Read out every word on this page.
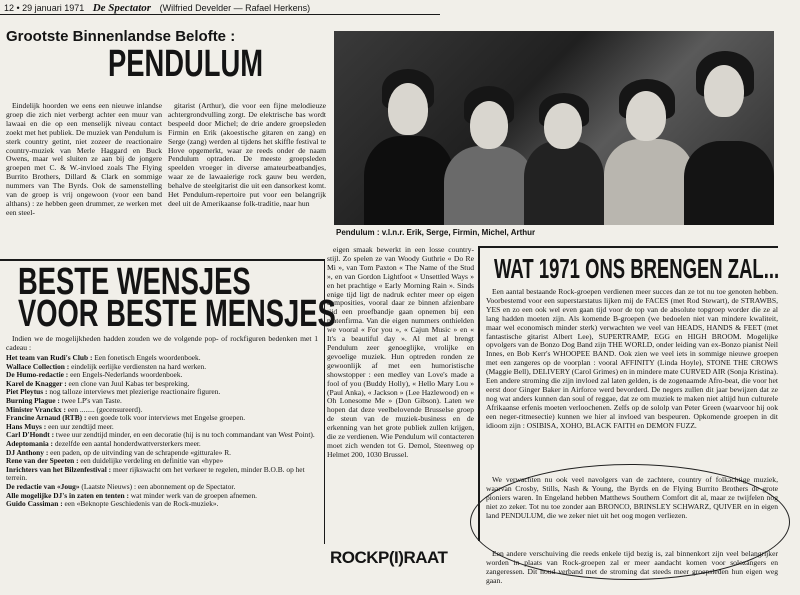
12 • 29 januari 1971 De Spectator (Wilfried Develder — Rafael Herkens)
Grootste Binnenlandse Belofte :
PENDULUM

Eindelijk hoorden we eens een nieuwe inlandse groep die zich niet verbergt achter een muur van lawaai en die op een menselijk niveau contact zoekt met het publiek. De muziek van Pendulum is sterk country getint, niet zozeer de reactionaire country-muziek van Merle Haggard en Buck Owens, maar wel sluiten ze aan bij de jongere groepen met C. & W.-invloed zoals The Flying Burrito Brothers, Dillard & Clark en sommige nummers van The Byrds. Ook de samenstelling van de groep is vrij ongewoon (voor een band althans) : ze hebben geen drummer, ze werken met een steel-

gitarist (Arthur), die voor een fijne melodieuze achtergrondvulling zorgt. De elektrische bas wordt bespeeld door Michel; de drie andere groepsleden Firmin en Erik (akoestische gitaren en zang) en Serge (zang) werden al tijdens het skiffle festival te Hove opgemerkt, waar ze reeds onder de naam Pendulum optraden. De meeste groepsleden speelden vroeger in diverse amateurbeatbandjes, waar ze de lawaaierige rock gauw beu werden, behalve de steelgitarist die uit een dansorkest komt. Het Pendulum-repertoire put voor een belangrijk deel uit de Amerikaanse folk-traditie, naar hun

Pendulum : v.l.n.r. Erik, Serge, Firmin, Michel, Arthur

eigen smaak bewerkt in een losse country-stijl. Zo spelen ze van Woody Guthrie « Do Re Mi », van Tom Paxton « The Name of the Stud », en van Gordon Lightfoot « Unsettled Ways » en het prachtige « Early Morning Rain ». Sinds enige tijd ligt de nadruk echter meer op eigen composities, vooral daar ze binnen afzienbare tijd een proefbandje gaan opnemen bij een platenfirma. Van die eigen nummers onthielden we vooral « For you », « Cajun Music » en « It's a beautiful day ». Al met al brengt Pendulum zeer genoeglijke, vrolijke en gevoelige muziek. Hun optreden ronden ze gewoonlijk af met een humoristische showstopper : een medley van Love's made a fool of you (Buddy Holly), « Hello Mary Lou » (Paul Anka), « Jackson » (Lee Hazlewood) en « Oh Lonesome Me » (Don Gibson). Laten we hopen dat deze veelbelovende Brusselse groep de steun van de muziek-business en de erkenning van het grote publiek zullen krijgen, die ze verdienen. Wie Pendulum wil contacteren moet zich wenden tot G. Demol, Steenweg op Helmet 200, 1030 Brussel.

BESTE WENSJES
VOOR BESTE MENSJES

Indien we de mogelijkheden hadden zouden we de volgende pop- of rockfiguren bedenken met 1 cadeau :

Het team van Rudi's Club : Een fonetisch Engels woordenboek.
Wallace Collection : eindelijk eerlijke verdiensten na hard werken.
De Humo-redactie : een Engels-Nederlands woordenboek.
Karel de Knagger : een clone van Juul Kabas ter bespreking.
Piet Pleytus : nog talloze interviews met plezierige reactionaire figuren.
Burning Plague : twee LP's van Taste.
Minister Vranckx : een ........ (gecensureerd).
Francine Arnaud (RTB) : een goede tolk voor interviews met Engelse groepen.
Hans Muys : een uur zendtijd meer.
Carl D'Hondt : twee uur zendtijd minder, en een decoratie (hij is nu toch commandant van West Point).
Adeptomania : dezelfde een aantal honderdwattversterkers meer.
DJ Anthony : een paden, op de uitvinding van de schrapende «gitturale» R.
Rene van der Speeten : een duidelijke verdeling en definitie van «hype»
Inrichters van het Bilzenfestival : meer rijkswacht om het verkeer te regelen, minder B.O.B. op het terrein.
De redactie van «Joug» (Laatste Nieuws) : een abonnement op de Spectator.
Alle mogelijke DJ's in zaten en tenten : wat minder werk van de groepen afnemen.
Guido Cassiman : een «Beknopte Geschiedenis van de Rock-muziek».
WAT 1971 ONS BRENGEN ZAL...

Een aantal bestaande Rock-groepen verdienen meer succes dan ze tot nu toe genoten hebben. Voorbestemd voor een superstarstatus lijken mij de FACES (met Rod Stewart), de STRAWBS, YES en zo een ook wel even gaan tijd voor de top van de absolute topgroep worder die ze al lang hadden moeten zijn. Als komende B-groepen (we bedoelen niet van mindere kwaliteit, maar wel economisch minder sterk) verwachten we veel van HEADS, HANDS & FEET (met fantastische gitarist Albert Lee), SUPERTRAMP, EGG en HIGH BROOM. Mogelijke opvolgers van de Bonzo Dog Band zijn THE WORLD, onder leiding van ex-Bonzo pianist Neil Innes, en Bob Kerr's WHOOPEE BAND. Ook zien we veel iets in sommige nieuwe groepen met een zangeres op de voorplan : vooral AFFINITY (Linda Hoyle), STONE THE CROWS (Maggie Bell), DELIVERY (Carol Grimes) en in mindere mate CURVED AIR (Sonja Kristina). Een andere stroming die zijn invloed zal laten gelden, is de zogenaamde Afro-beat, die voor het eerst door Ginger Baker in Airforce werd bevorderd. De negers zullen dit jaar bewijzen dat ze nog wat anders kunnen dan soul of reggae, dat ze om muziek te maken niet altijd hun culturele Afrikaanse erfenis moeten verloochenen. Zelfs op de sololp van Peter Green (waarvoor hij ook een neger-ritmesectie) kunnen we hier al invloed van bespeuren. Opkomende groepen in dit idioom zijn : OSIBISA, XOHO, BLACK FAITH en DEMON FUZZ.

We verwachten nu ook veel navolgers van de zachtere, country of folkachtige muziek, waarvan Crosby, Stills, Nash & Young, the Byrds en de Flying Burrito Brothers de grote pioniers waren. In Engeland hebben Matthews Southern Comfort dit al, maar ze twijfelen nog niet zo zeker. Tot nu toe zonder aan BRONCO, BRINSLEY SCHWARZ, QUIVER en in eigen land PENDULUM, die we zeker niet uit het oog mogen verliezen.

Een andere verschuiving die reeds enkele tijd bezig is, zal binnenkort zijn veel belangrijker worden in plaats van Rock-groepen zal er meer aandacht komen voor solozangers en zangeressen. Dit houd verband met de stroming dat steeds meer groepsleden hun eigen weg gaan.

ROCKP(I)RAAT
